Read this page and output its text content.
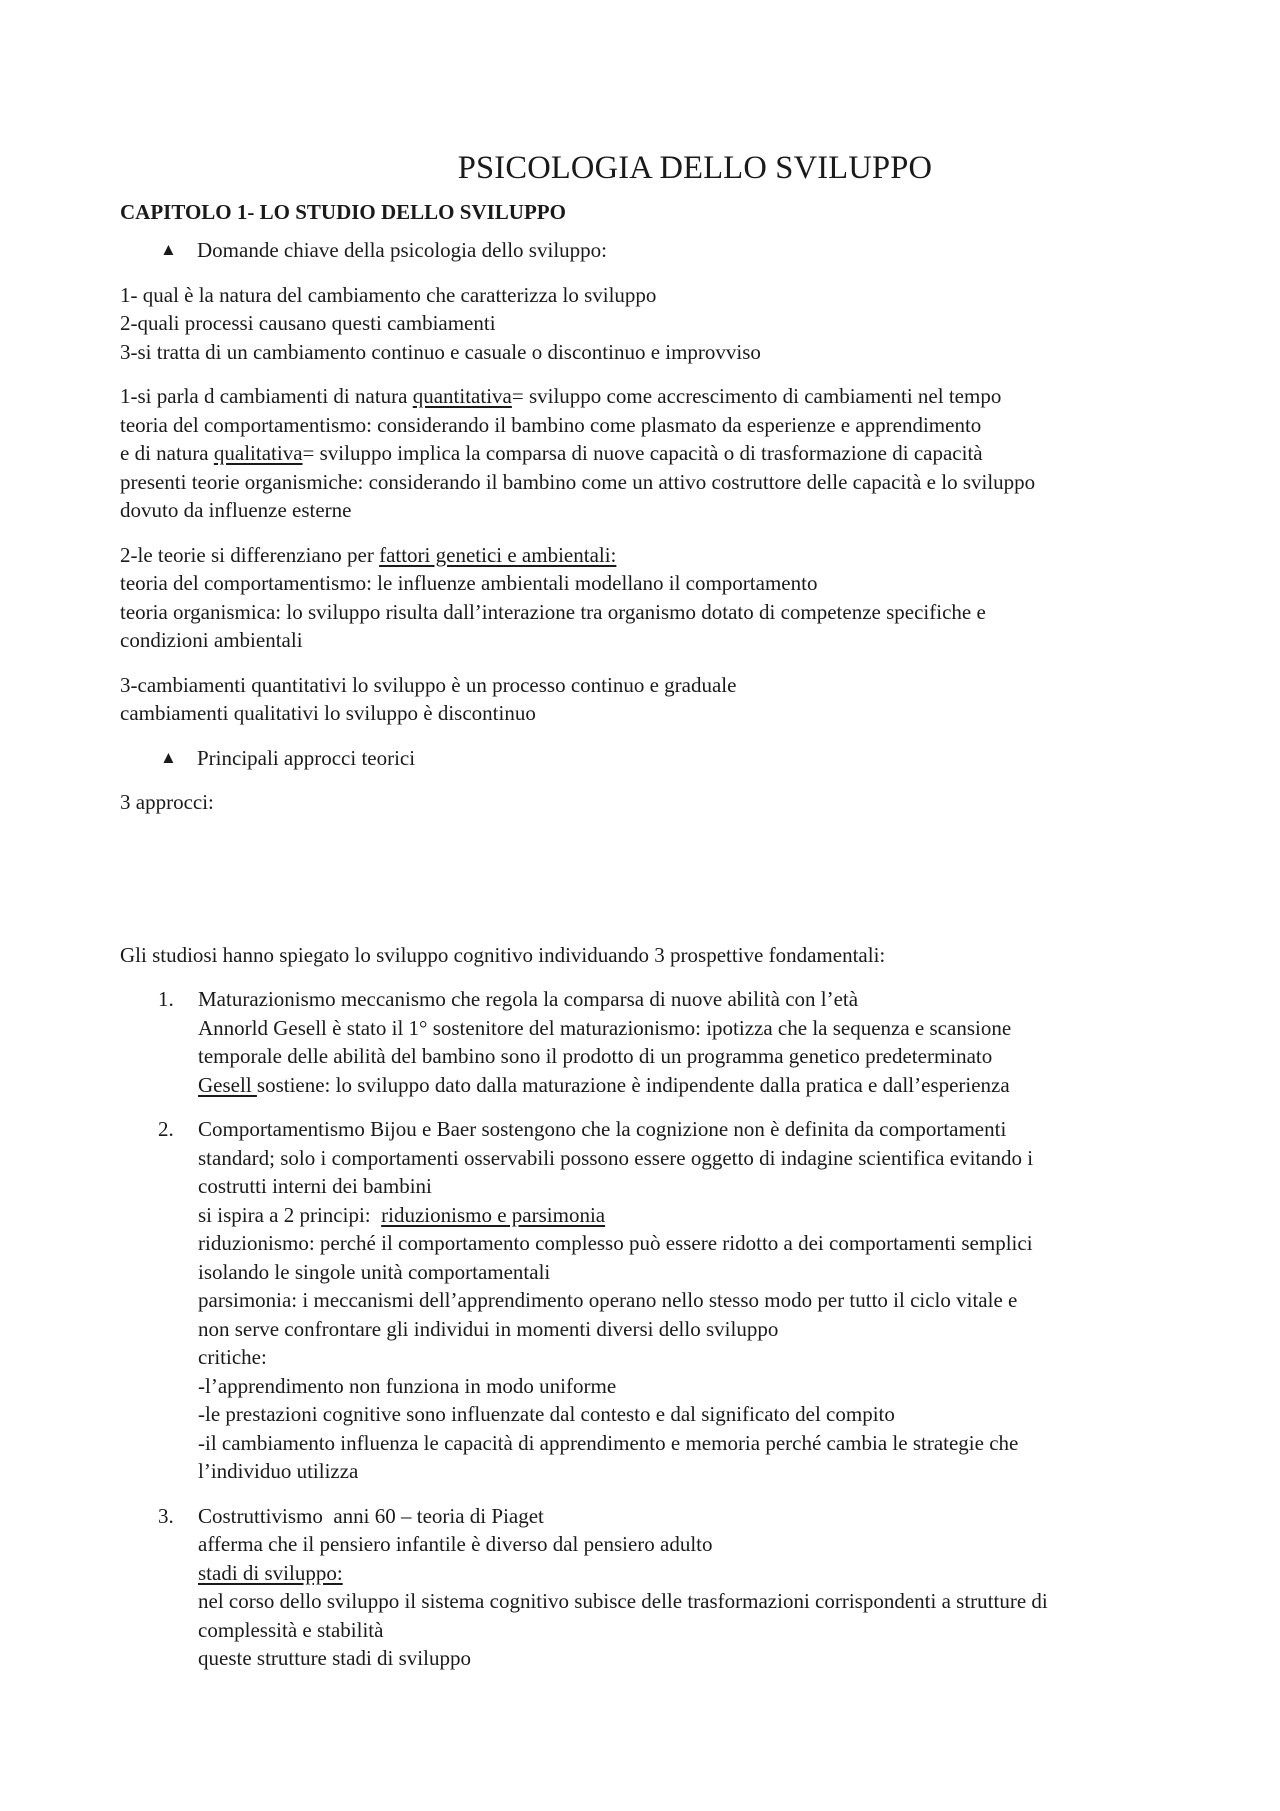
PSICOLOGIA DELLO SVILUPPO
CAPITOLO 1- LO STUDIO DELLO SVILUPPO
▲ Domande chiave della psicologia dello sviluppo:

1- qual è la natura del cambiamento che caratterizza lo sviluppo
2-quali processi causano questi cambiamenti
3-si tratta di un cambiamento continuo e casuale o discontinuo e improvviso

1-si parla d cambiamenti di natura quantitativa= sviluppo come accrescimento di cambiamenti nel tempo
teoria del comportamentismo: considerando il bambino come plasmato da esperienze e apprendimento
e di natura qualitativa= sviluppo implica la comparsa di nuove capacità o di trasformazione di capacità
presenti teorie organismiche: considerando il bambino come un attivo costruttore delle capacità e lo sviluppo
dovuto da influenze esterne

2-le teorie si differenziano per fattori genetici e ambientali:
teoria del comportamentismo: le influenze ambientali modellano il comportamento
teoria organismica: lo sviluppo risulta dall’interazione tra organismo dotato di competenze specifiche e
condizioni ambientali

3-cambiamenti quantitativi lo sviluppo è un processo continuo e graduale
cambiamenti qualitativi lo sviluppo è discontinuo

▲ Principali approcci teorici

3 approcci:

Gli studiosi hanno spiegato lo sviluppo cognitivo individuando 3 prospettive fondamentali:

1.	Maturazionismo meccanismo che regola la comparsa di nuove abilità con l’età
Annorld Gesell è stato il 1° sostenitore del maturazionismo: ipotizza che la sequenza e scansione
temporale delle abilità del bambino sono il prodotto di un programma genetico predeterminato
Gesell sostiene: lo sviluppo dato dalla maturazione è indipendente dalla pratica e dall’esperienza
2.	Comportamentismo Bijou e Baer sostengono che la cognizione non è definita da comportamenti
standard; solo i comportamenti osservabili possono essere oggetto di indagine scientifica evitando i
costrutti interni dei bambini
si ispira a 2 principi:  riduzionismo e parsimonia
riduzionismo: perché il comportamento complesso può essere ridotto a dei comportamenti semplici
isolando le singole unità comportamentali
parsimonia: i meccanismi dell’apprendimento operano nello stesso modo per tutto il ciclo vitale e
non serve confrontare gli individui in momenti diversi dello sviluppo
critiche:
-l’apprendimento non funziona in modo uniforme
-le prestazioni cognitive sono influenzate dal contesto e dal significato del compito
-il cambiamento influenza le capacità di apprendimento e memoria perché cambia le strategie che
l’individuo utilizza
3.	Costruttivismo  anni 60 – teoria di Piaget
afferma che il pensiero infantile è diverso dal pensiero adulto
stadi di sviluppo:
nel corso dello sviluppo il sistema cognitivo subisce delle trasformazioni corrispondenti a strutture di
complessità e stabilità
queste strutture stadi di sviluppo
